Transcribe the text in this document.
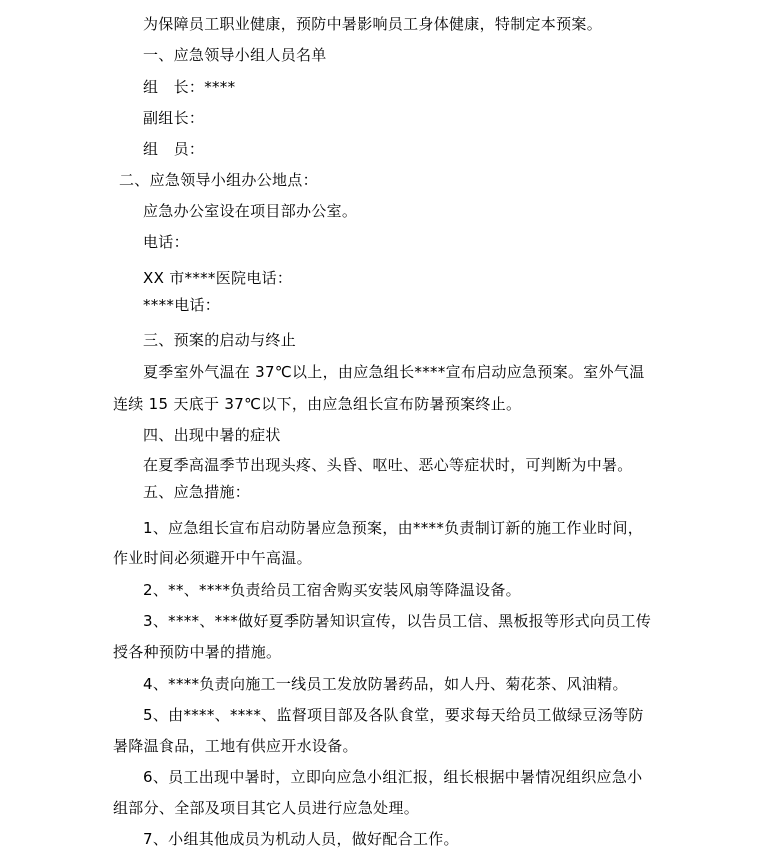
为保障员工职业健康，预防中暑影响员工身体健康，特制定本预案。
一、应急领导小组人员名单
组　长：****
副组长：
组　员：
二、应急领导小组办公地点：
应急办公室设在项目部办公室。
电话：
XX 市****医院电话：
****电话：
三、预案的启动与终止
夏季室外气温在 37℃以上，由应急组长****宣布启动应急预案。室外气温
连续 15 天底于 37℃以下，由应急组长宣布防暑预案终止。
四、出现中暑的症状
在夏季高温季节出现头疼、头昏、呕吐、恶心等症状时，可判断为中暑。
五、应急措施：
1、应急组长宣布启动防暑应急预案，由****负责制订新的施工作业时间，
作业时间必须避开中午高温。
2、**、****负责给员工宿舍购买安装风扇等降温设备。
3、****、***做好夏季防暑知识宣传，以告员工信、黑板报等形式向员工传
授各种预防中暑的措施。
4、****负责向施工一线员工发放防暑药品，如人丹、菊花茶、风油精。
5、由****、****、监督项目部及各队食堂，要求每天给员工做绿豆汤等防
暑降温食品，工地有供应开水设备。
6、员工出现中暑时，立即向应急小组汇报，组长根据中暑情况组织应急小
组部分、全部及项目其它人员进行应急处理。
7、小组其他成员为机动人员，做好配合工作。
